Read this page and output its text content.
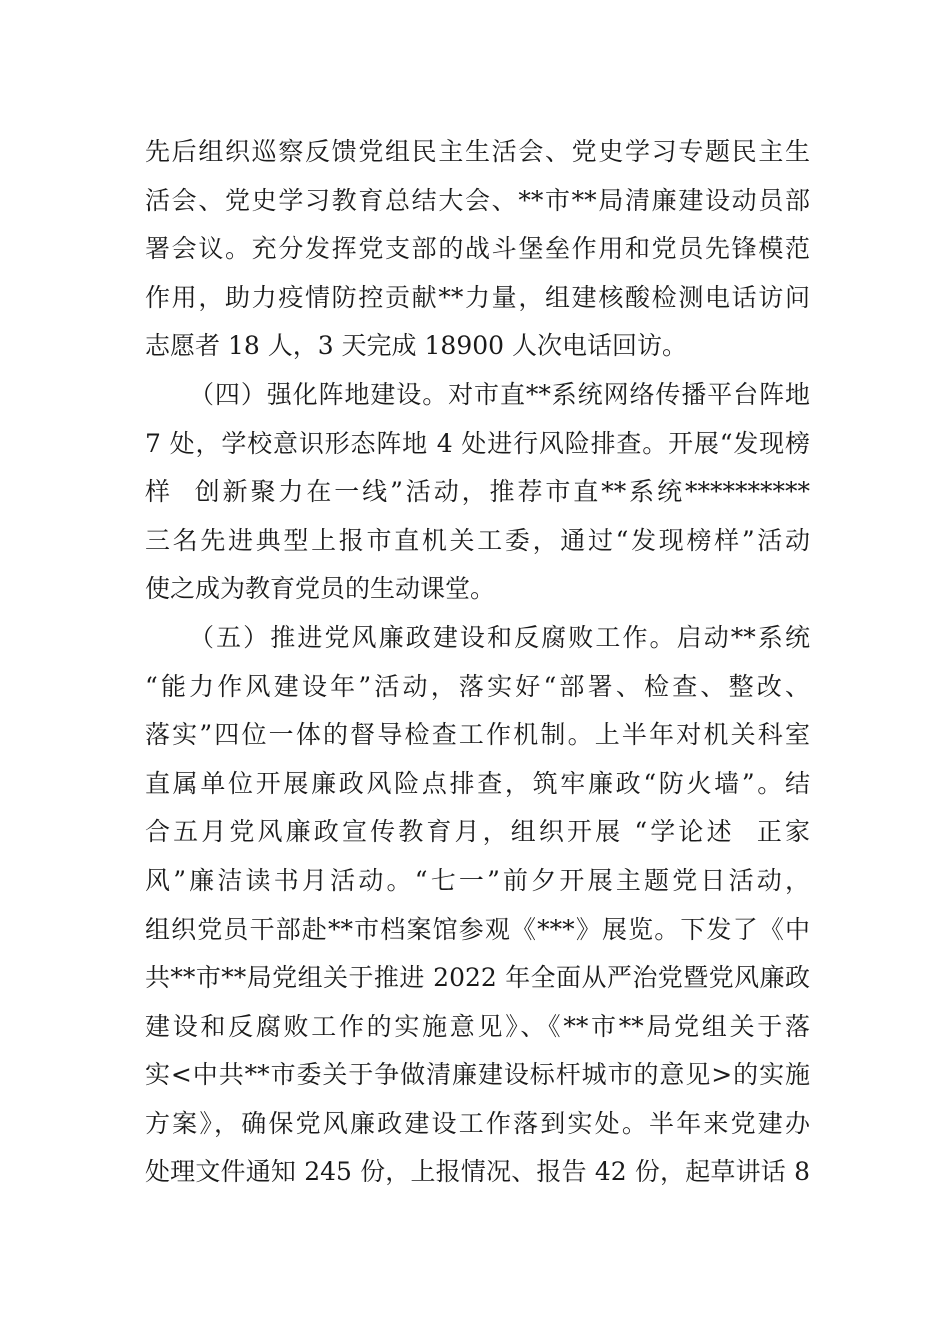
先后组织巡察反馈党组民主生活会、党史学习专题民主生
活会、党史学习教育总结大会、**市**局清廉建设动员部
署会议。充分发挥党支部的战斗堡垒作用和党员先锋模范
作用，助力疫情防控贡献**力量，组建核酸检测电话访问
志愿者 18 人，3 天完成 18900 人次电话回访。
（四）强化阵地建设。对市直**系统网络传播平台阵地
7 处，学校意识形态阵地 4 处进行风险排查。开展“发现榜
样  创新聚力在一线”活动，推荐市直**系统**********
三名先进典型上报市直机关工委，通过“发现榜样”活动
使之成为教育党员的生动课堂。
（五）推进党风廉政建设和反腐败工作。启动**系统
“能力作风建设年”活动，落实好“部署、检查、整改、
落实”四位一体的督导检查工作机制。上半年对机关科室
直属单位开展廉政风险点排查，筑牢廉政“防火墙”。结
合五月党风廉政宣传教育月，组织开展 “学论述  正家
风”廉洁读书月活动。“七一”前夕开展主题党日活动，
组织党员干部赴**市档案馆参观《***》展览。下发了《中
共**市**局党组关于推进 2022 年全面从严治党暨党风廉政
建设和反腐败工作的实施意见》、《**市**局党组关于落
实<中共**市委关于争做清廉建设标杆城市的意见>的实施
方案》，确保党风廉政建设工作落到实处。半年来党建办
处理文件通知 245 份，上报情况、报告 42 份，起草讲话 8
